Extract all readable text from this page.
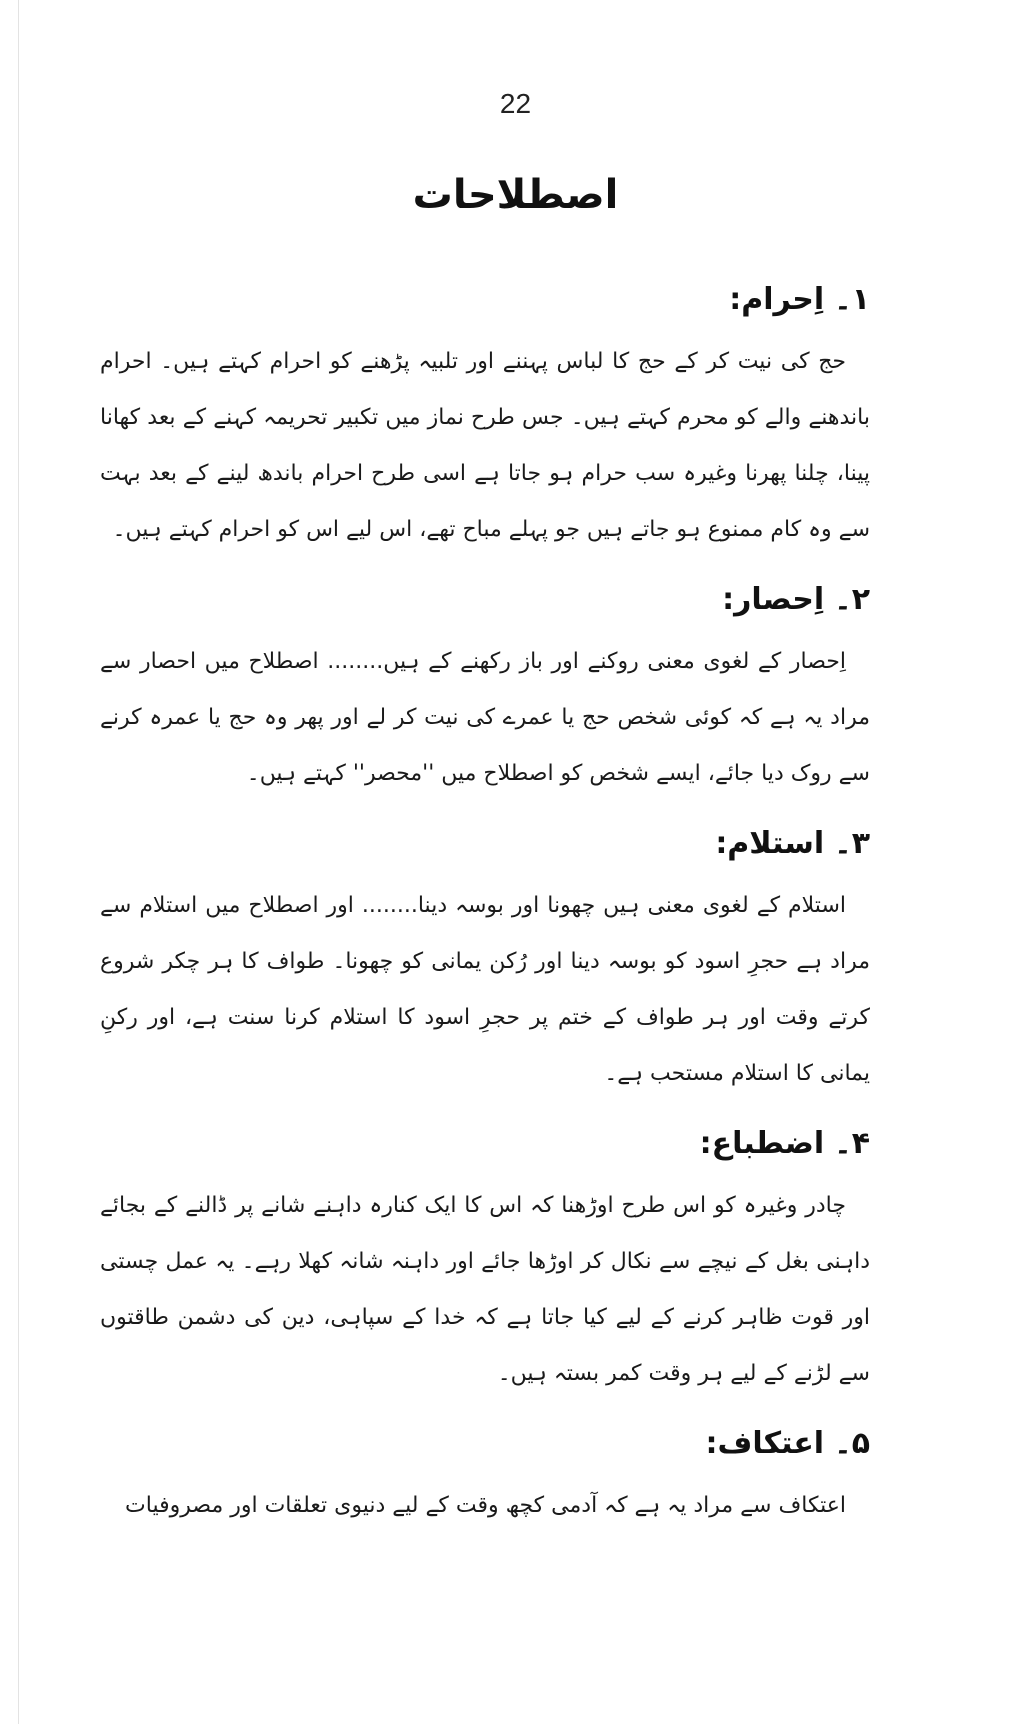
22
اصطلاحات
۱۔اِحرام:

حج کی نیت کر کے حج کا لباس پہننے اور تلبیہ پڑھنے کو احرام کہتے ہیں۔ احرام باندھنے والے کو محرم کہتے ہیں۔ جس طرح نماز میں تکبیر تحریمہ کہنے کے بعد کھانا پینا، چلنا پھرنا وغیرہ سب حرام ہو جاتا ہے اسی طرح احرام باندھ لینے کے بعد بہت سے وہ کام ممنوع ہو جاتے ہیں جو پہلے مباح تھے، اس لیے اس کو احرام کہتے ہیں۔

۲۔اِحصار:

اِحصار کے لغوی معنی روکنے اور باز رکھنے کے ہیں........ اصطلاح میں احصار سے مراد یہ ہے کہ کوئی شخص حج یا عمرے کی نیت کر لے اور پھر وہ حج یا عمرہ کرنے سے روک دیا جائے، ایسے شخص کو اصطلاح میں ''محصر'' کہتے ہیں۔

۳۔استلام:

استلام کے لغوی معنی ہیں چھونا اور بوسہ دینا........ اور اصطلاح میں استلام سے مراد ہے حجرِ اسود کو بوسہ دینا اور رُکن یمانی کو چھونا۔ طواف کا ہر چکر شروع کرتے وقت اور ہر طواف کے ختم پر حجرِ اسود کا استلام کرنا سنت ہے، اور رکنِ یمانی کا استلام مستحب ہے۔

۴۔اضطباع:

چادر وغیرہ کو اس طرح اوڑھنا کہ اس کا ایک کنارہ داہنے شانے پر ڈالنے کے بجائے داہنی بغل کے نیچے سے نکال کر اوڑھا جائے اور داہنہ شانہ کھلا رہے۔ یہ عمل چستی اور قوت ظاہر کرنے کے لیے کیا جاتا ہے کہ خدا کے سپاہی، دین کی دشمن طاقتوں سے لڑنے کے لیے ہر وقت کمر بستہ ہیں۔

۵۔اعتکاف:

اعتکاف سے مراد یہ ہے کہ آدمی کچھ وقت کے لیے دنیوی تعلقات اور مصروفیات
